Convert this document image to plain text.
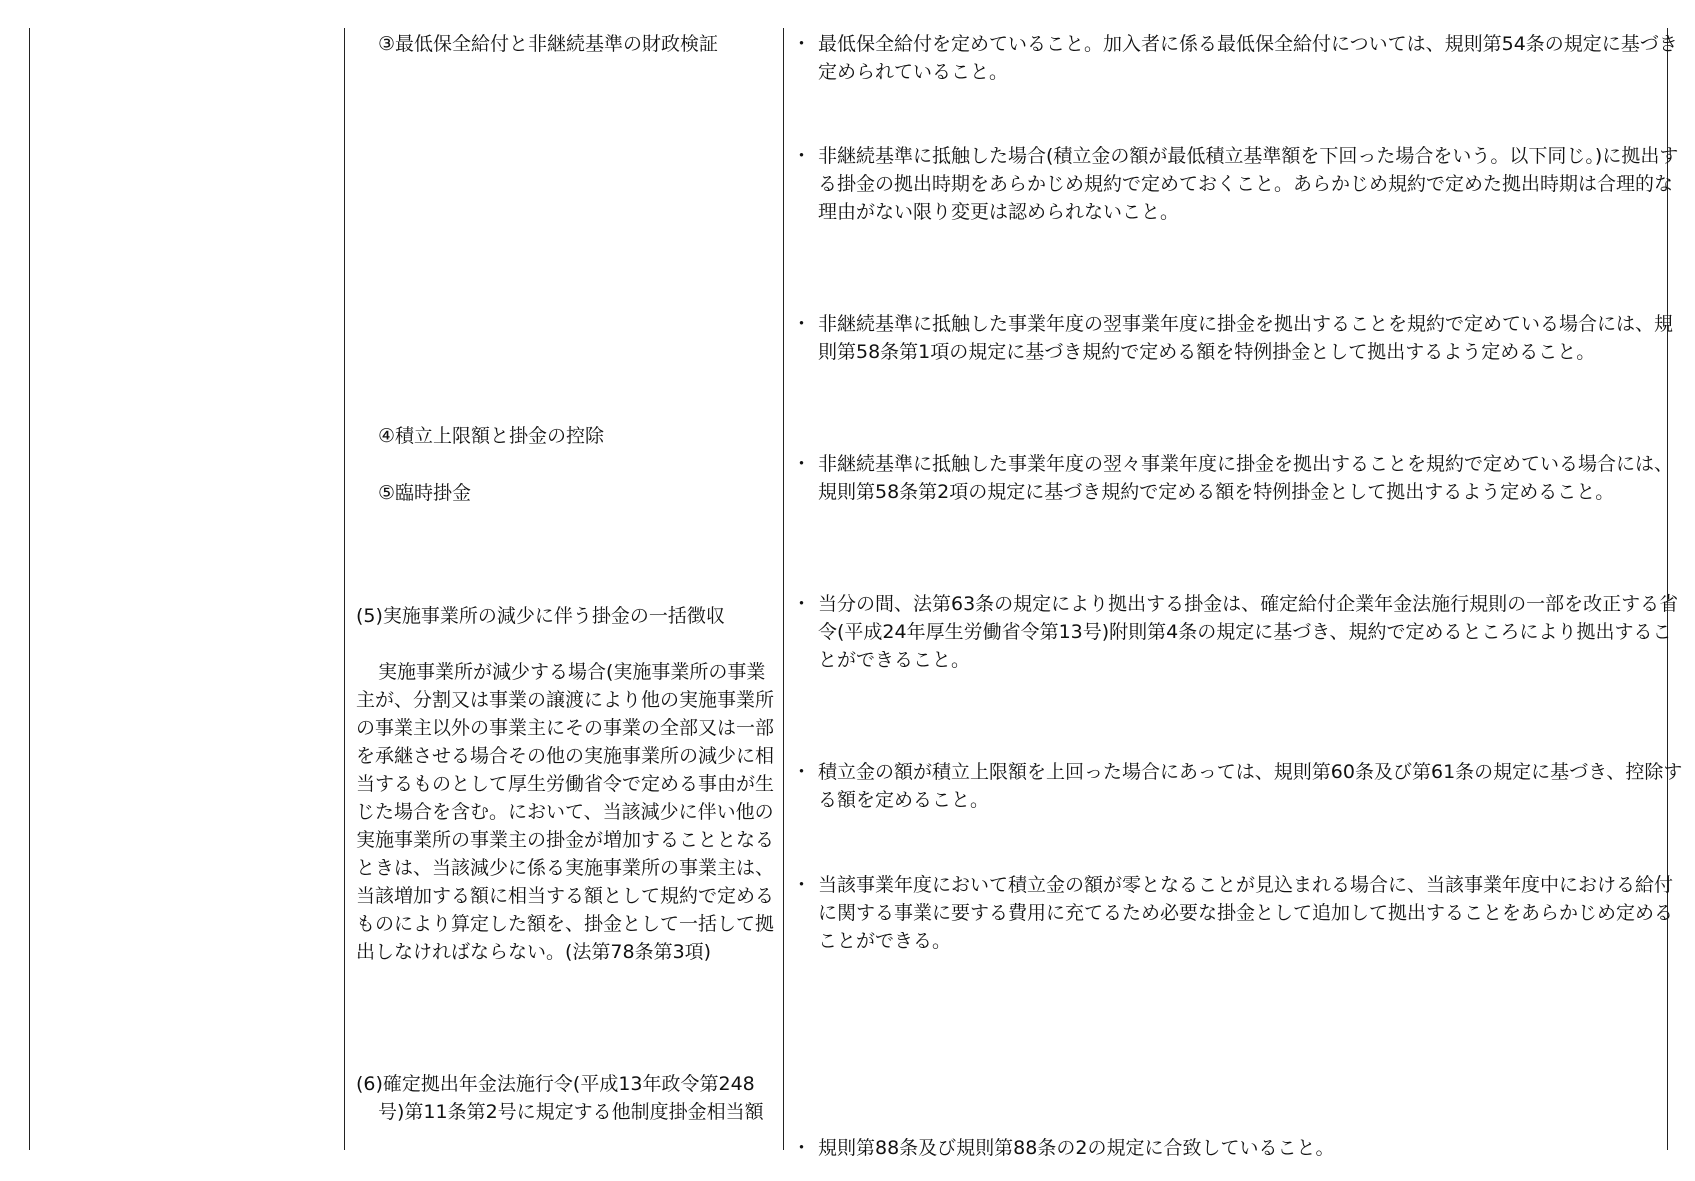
③最低保全給付と非継続基準の財政検証
④積立上限額と掛金の控除
⑤臨時掛金
(5)実施事業所の減少に伴う掛金の一括徴収
実施事業所が減少する場合(実施事業所の事業主が、分割又は事業の譲渡により他の実施事業所の事業主以外の事業主にその事業の全部又は一部を承継させる場合その他の実施事業所の減少に相当するものとして厚生労働省令で定める事由が生じた場合を含む。において、当該減少に伴い他の実施事業所の事業主の掛金が増加することとなるときは、当該減少に係る実施事業所の事業主は、当該増加する額に相当する額として規約で定めるものにより算定した額を、掛金として一括して拠出しなければならない。(法第78条第3項)
(6)確定拠出年金法施行令(平成13年政令第248号)第11条第2号に規定する他制度掛金相当額
・ 最低保全給付を定めていること。加入者に係る最低保全給付については、規則第54条の規定に基づき定められていること。
・ 非継続基準に抵触した場合(積立金の額が最低積立基準額を下回った場合をいう。以下同じ。)に拠出する掛金の拠出時期をあらかじめ規約で定めておくこと。あらかじめ規約で定めた拠出時期は合理的な理由がない限り変更は認められないこと。
・ 非継続基準に抵触した事業年度の翌事業年度に掛金を拠出することを規約で定めている場合には、規則第58条第1項の規定に基づき規約で定める額を特例掛金として拠出するよう定めること。
・ 非継続基準に抵触した事業年度の翌々事業年度に掛金を拠出することを規約で定めている場合には、規則第58条第2項の規定に基づき規約で定める額を特例掛金として拠出するよう定めること。
・ 当分の間、法第63条の規定により拠出する掛金は、確定給付企業年金法施行規則の一部を改正する省令(平成24年厚生労働省令第13号)附則第4条の規定に基づき、規約で定めるところにより拠出することができること。
・ 積立金の額が積立上限額を上回った場合にあっては、規則第60条及び第61条の規定に基づき、控除する額を定めること。
・ 当該事業年度において積立金の額が零となることが見込まれる場合に、当該事業年度中における給付に関する事業に要する費用に充てるため必要な掛金として追加して拠出することをあらかじめ定めることができる。
・ 規則第88条及び規則第88条の2の規定に合致していること。
